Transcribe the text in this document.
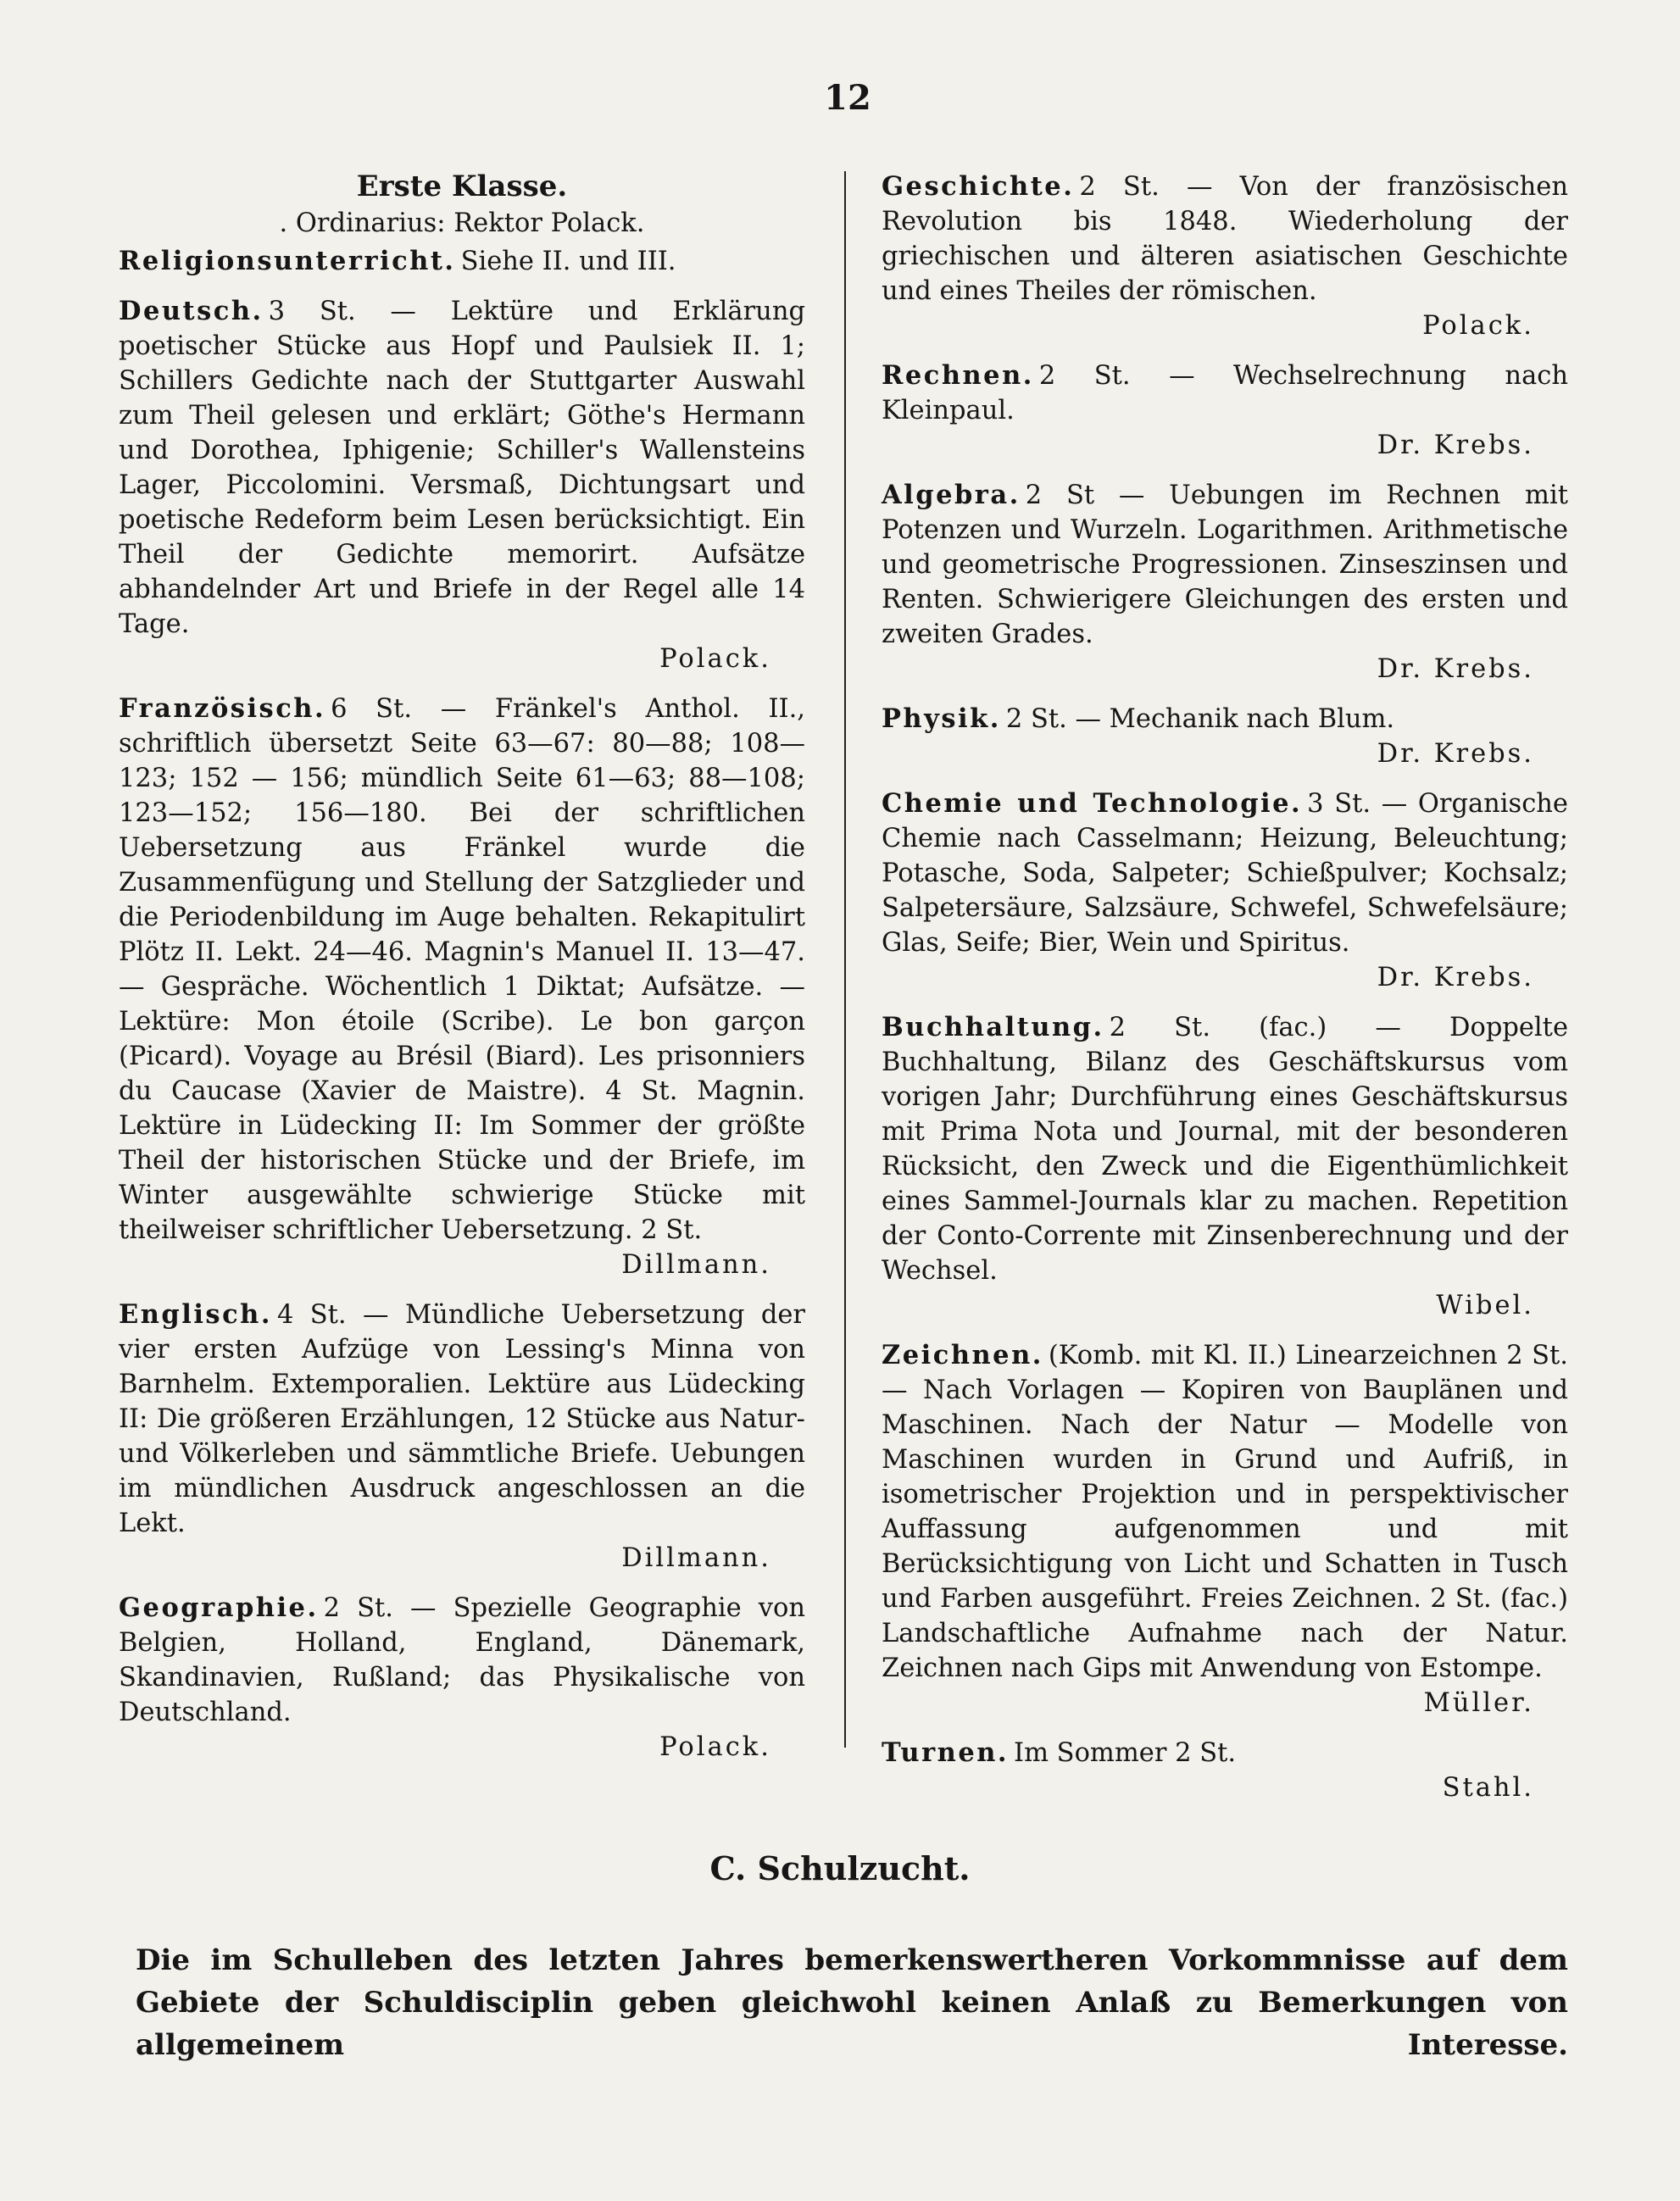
12
Erste Klasse.
. Ordinarius: Rektor Polack.

Religionsunterricht. Siehe II. und III.

Deutsch. 3 St. — Lektüre und Erklärung poetischer Stücke aus Hopf und Paulsiek II. 1; Schillers Gedichte nach der Stuttgarter Auswahl zum Theil gelesen und erklärt; Göthe's Hermann und Dorothea, Iphigenie; Schiller's Wallensteins Lager, Piccolomini. Versmaß, Dichtungsart und poetische Redeform beim Lesen berücksichtigt. Ein Theil der Gedichte memorirt. Aufsätze abhandelnder Art und Briefe in der Regel alle 14 Tage.

Polack.

Französisch. 6 St. — Fränkel's Anthol. II., schriftlich übersetzt Seite 63—67: 80—88; 108—123; 152 — 156; mündlich Seite 61—63; 88—108; 123—152; 156—180. Bei der schriftlichen Uebersetzung aus Fränkel wurde die Zusammenfügung und Stellung der Satzglieder und die Periodenbildung im Auge behalten. Rekapitulirt Plötz II. Lekt. 24—46. Magnin's Manuel II. 13—47. — Gespräche. Wöchentlich 1 Diktat; Aufsätze. — Lektüre: Mon étoile (Scribe). Le bon garçon (Picard). Voyage au Brésil (Biard). Les prisonniers du Caucase (Xavier de Maistre). 4 St. Magnin. Lektüre in Lüdecking II: Im Sommer der größte Theil der historischen Stücke und der Briefe, im Winter ausgewählte schwierige Stücke mit theilweiser schriftlicher Uebersetzung. 2 St.

Dillmann.

Englisch. 4 St. — Mündliche Uebersetzung der vier ersten Aufzüge von Lessing's Minna von Barnhelm. Extemporalien. Lektüre aus Lüdecking II: Die größeren Erzählungen, 12 Stücke aus Natur- und Völkerleben und sämmtliche Briefe. Uebungen im mündlichen Ausdruck angeschlossen an die Lekt.

Dillmann.

Geographie. 2 St. — Spezielle Geographie von Belgien, Holland, England, Dänemark, Skandinavien, Rußland; das Physikalische von Deutschland.

Polack.

Geschichte. 2 St. — Von der französischen Revolution bis 1848. Wiederholung der griechischen und älteren asiatischen Geschichte und eines Theiles der römischen.

Polack.

Rechnen. 2 St. — Wechselrechnung nach Kleinpaul.

Dr. Krebs.

Algebra. 2 St — Uebungen im Rechnen mit Potenzen und Wurzeln. Logarithmen. Arithmetische und geometrische Progressionen. Zinseszinsen und Renten. Schwierigere Gleichungen des ersten und zweiten Grades.

Dr. Krebs.

Physik. 2 St. — Mechanik nach Blum.

Dr. Krebs.

Chemie und Technologie. 3 St. — Organische Chemie nach Casselmann; Heizung, Beleuchtung; Potasche, Soda, Salpeter; Schießpulver; Kochsalz; Salpetersäure, Salzsäure, Schwefel, Schwefelsäure; Glas, Seife; Bier, Wein und Spiritus.

Dr. Krebs.

Buchhaltung. 2 St. (fac.) — Doppelte Buchhaltung, Bilanz des Geschäftskursus vom vorigen Jahr; Durchführung eines Geschäftskursus mit Prima Nota und Journal, mit der besonderen Rücksicht, den Zweck und die Eigenthümlichkeit eines Sammel-Journals klar zu machen. Repetition der Conto-Corrente mit Zinsenberechnung und der Wechsel.

Wibel.

Zeichnen. (Komb. mit Kl. II.) Linearzeichnen 2 St. — Nach Vorlagen — Kopiren von Bauplänen und Maschinen. Nach der Natur — Modelle von Maschinen wurden in Grund und Aufriß, in isometrischer Projektion und in perspektivischer Auffassung aufgenommen und mit Berücksichtigung von Licht und Schatten in Tusch und Farben ausgeführt. Freies Zeichnen. 2 St. (fac.) Landschaftliche Aufnahme nach der Natur. Zeichnen nach Gips mit Anwendung von Estompe.

Müller.

Turnen. Im Sommer 2 St.

Stahl.
C. Schulzucht.
Die im Schulleben des letzten Jahres bemerkenswertheren Vorkommnisse auf dem Gebiete der Schuldisciplin geben gleichwohl keinen Anlaß zu Bemerkungen von allgemeinem Interesse.
